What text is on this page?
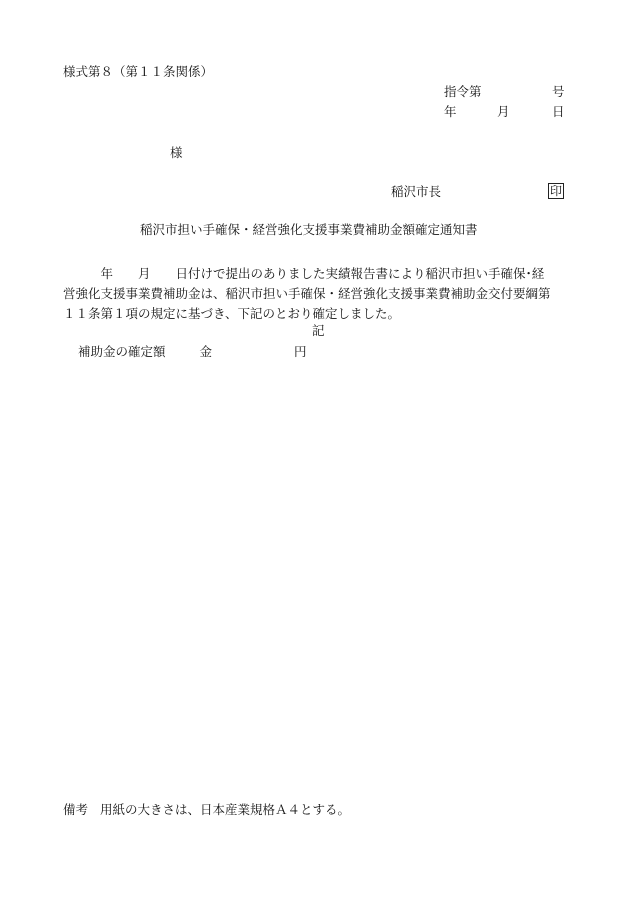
様式第８（第１１条関係）
指令第	号
年	月	日
様
稲沢市長	印
稲沢市担い手確保・経営強化支援事業費補助金額確定通知書
　　　年　　月　　日付けで提出のありました実績報告書により稲沢市担い手確保･経
営強化支援事業費補助金は、稲沢市担い手確保・経営強化支援事業費補助金交付要綱第
１１条第１項の規定に基づき、下記のとおり確定しました。
記
補助金の確定額	金	円
備考 用紙の大きさは、日本産業規格Ａ４とする。
